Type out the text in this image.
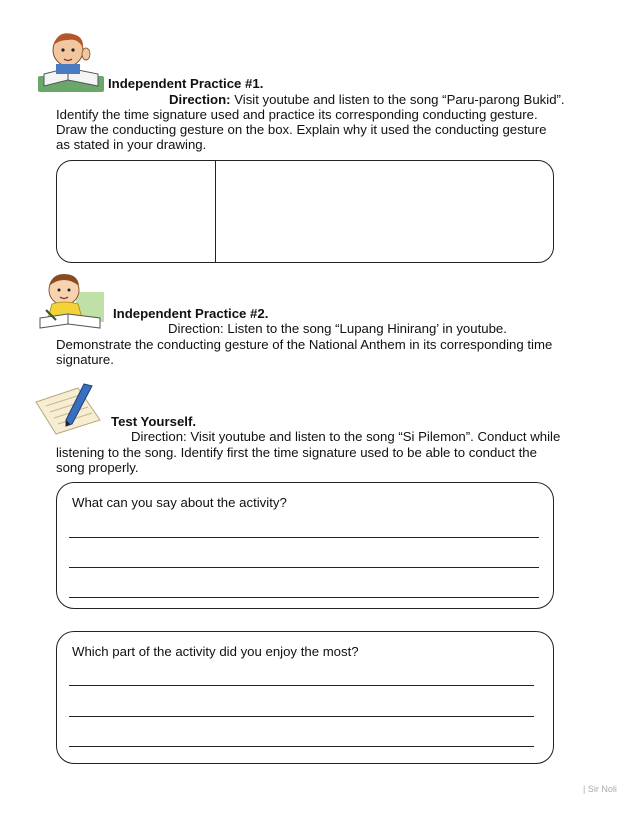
Independent Practice #1.
Direction: Visit youtube and listen to the song “Paru-parong Bukid”.
Identify the time signature used and practice its corresponding conducting gesture.
Draw the conducting gesture on the box. Explain why it used the conducting gesture
as stated in your drawing.
Independent Practice #2.
Direction: Listen to the song “Lupang Hinirang’ in youtube.
Demonstrate the conducting gesture of the National Anthem in its corresponding time
signature.
Test Yourself.
Direction: Visit youtube and listen to the song “Si Pilemon”. Conduct while
listening to the song. Identify first the time signature used to be able to conduct the
song properly.
What can you say about the activity?
Which part of the activity did you enjoy the most?
| Sir Noli
